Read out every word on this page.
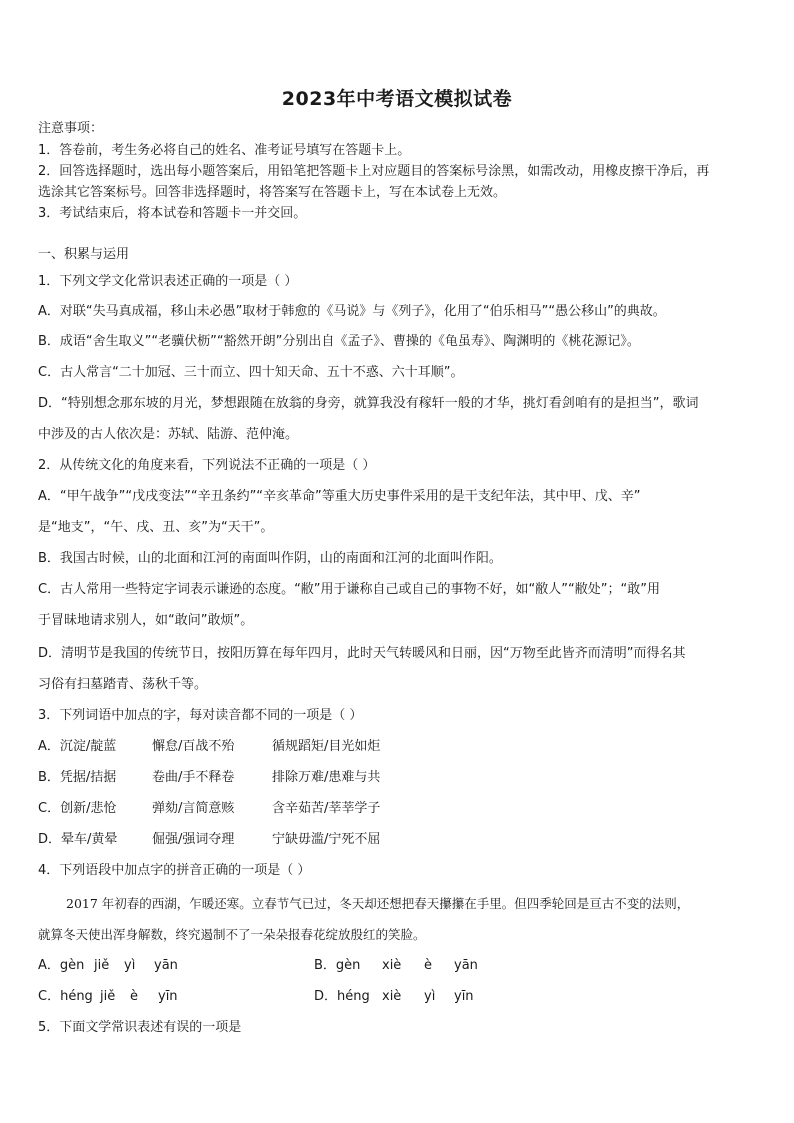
2023年中考语文模拟试卷
注意事项：
1．答卷前，考生务必将自己的姓名、准考证号填写在答题卡上。
2．回答选择题时，选出每小题答案后，用铅笔把答题卡上对应题目的答案标号涂黑，如需改动，用橡皮擦干净后，再
选涂其它答案标号。回答非选择题时，将答案写在答题卡上，写在本试卷上无效。
3．考试结束后，将本试卷和答题卡一并交回。
一、积累与运用
1．下列文学文化常识表述正确的一项是（ ）
A．对联“失马真成福，移山未必愚”取材于韩愈的《马说》与《列子》，化用了“伯乐相马”“愚公移山”的典故。
B．成语“舍生取义”“老骥伏枥”“豁然开朗”分别出自《孟子》、曹操的《龟虽寿》、陶渊明的《桃花源记》。
C．古人常言“二十加冠、三十而立、四十知天命、五十不惑、六十耳顺”。
D．“特别想念那东坡的月光，梦想跟随在放翁的身旁，就算我没有稼轩一般的才华，挑灯看剑咱有的是担当”，歌词
中涉及的古人依次是：苏轼、陆游、范仲淹。
2．从传统文化的角度来看，下列说法不正确的一项是（ ）
A．“甲午战争”“戊戌变法”“辛丑条约”“辛亥革命”等重大历史事件采用的是干支纪年法，其中甲、戊、辛”
是“地支”，“午、戌、丑、亥”为“天干”。
B．我国古时候，山的北面和江河的南面叫作阴，山的南面和江河的北面叫作阳。
C．古人常用一些特定字词表示谦逊的态度。“敝”用于谦称自己或自己的事物不好，如“敝人”“敝处”；“敢”用
于冒昧地请求别人，如“敢问”敢烦”。
D．清明节是我国的传统节日，按阳历算在每年四月，此时天气转暖风和日丽，因“万物至此皆齐而清明”而得名其
习俗有扫墓踏青、荡秋千等。
3．下列词语中加点的字，每对读音都不同的一项是（ ）
A．沉淀/靛蓝	懈怠/百战不殆	循规蹈矩/目光如炬
B．凭据/拮据	卷曲/手不释卷	排除万难/患难与共
C．创新/悲怆	弹劾/言简意赅	含辛茹苦/莘莘学子
D．晕车/黄晕	倔强/强词夺理	宁缺毋滥/宁死不屈
4．下列语段中加点字的拼音正确的一项是（ ）
2017 年初春的西湖，乍暖还寒。立春节气已过，冬天却还想把春天攥攥在手里。但四季轮回是亘古不变的法则，
就算冬天使出浑身解数，终究遏制不了一朵朵报春花绽放殷红的笑脸。
A．gèn jiě yì yān	B．gèn xiè è yān
C．héng jiě è yīn	D．héng xiè yì yīn
5．下面文学常识表述有误的一项是
